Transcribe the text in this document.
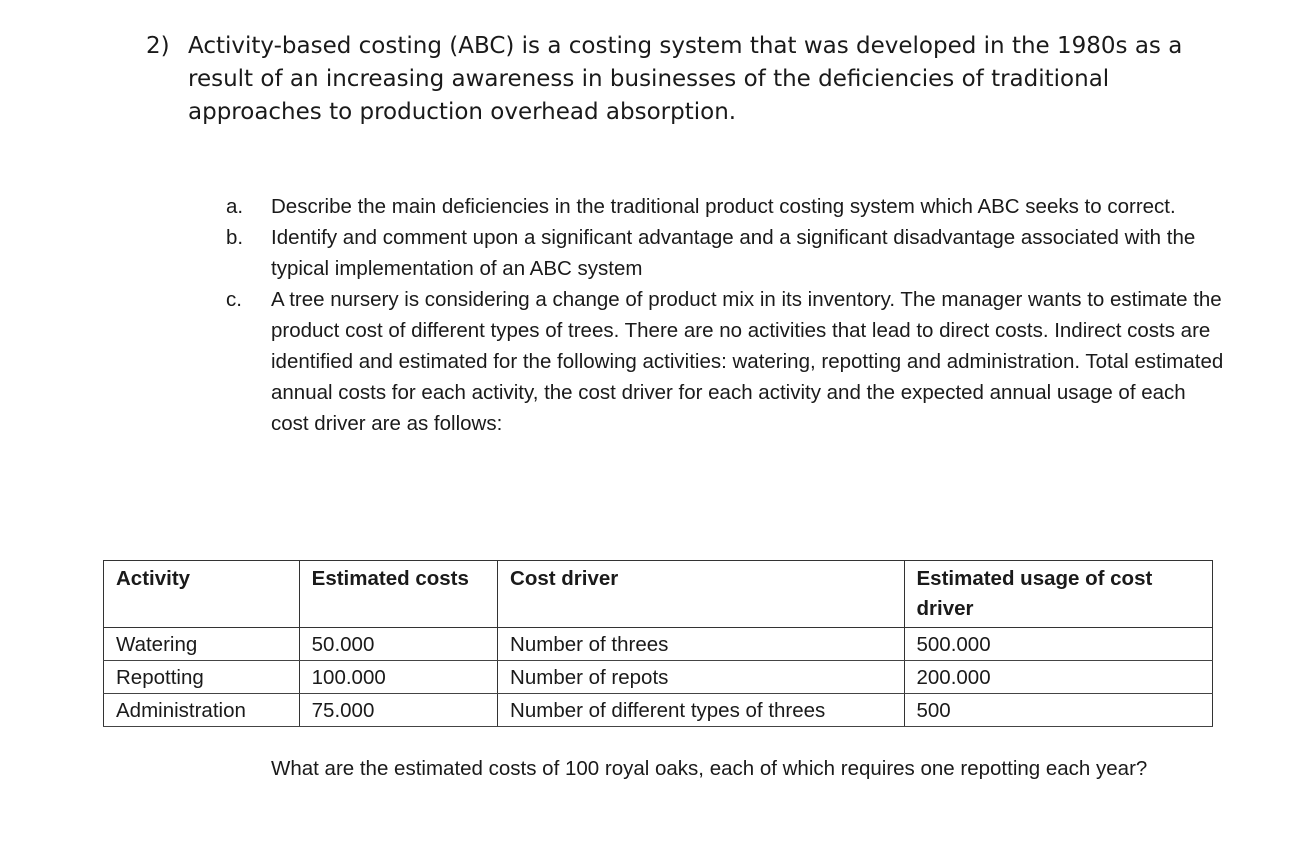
2) Activity-based costing (ABC) is a costing system that was developed in the 1980s as a result of an increasing awareness in businesses of the deficiencies of traditional approaches to production overhead absorption.

a. Describe the main deficiencies in the traditional product costing system which ABC seeks to correct.
b. Identify and comment upon a significant advantage and a significant disadvantage associated with the typical implementation of an ABC system
c. A tree nursery is considering a change of product mix in its inventory. The manager wants to estimate the product cost of different types of trees. There are no activities that lead to direct costs. Indirect costs are identified and estimated for the following activities: watering, repotting and administration. Total estimated annual costs for each activity, the cost driver for each activity and the expected annual usage of each cost driver are as follows:
Activity	Estimated costs	Cost driver	Estimated usage of cost driver
Watering	50.000	Number of threes	500.000
Repotting	100.000	Number of repots	200.000
Administration	75.000	Number of different types of threes	500

What are the estimated costs of 100 royal oaks, each of which requires one repotting each year?
